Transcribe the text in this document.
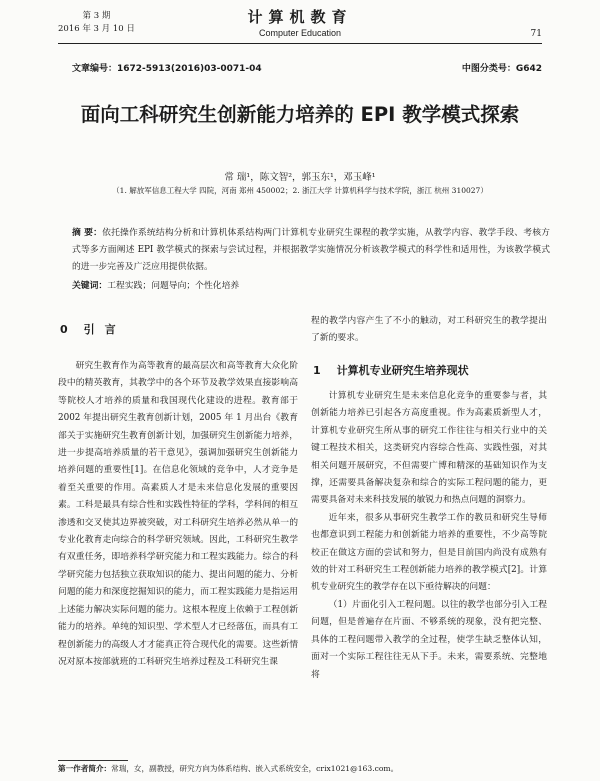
第 3 期
2016 年 3 月 10 日
计算机教育
Computer Education	71
文章编号：1672-5913(2016)03-0071-04	中图分类号：G642
面向工科研究生创新能力培养的 EPI 教学模式探索
常 瑞¹，陈文智²，郭玉东¹，邓玉峰¹
（1. 解放军信息工程大学 四院，河南 郑州 450002；2. 浙江大学 计算机科学与技术学院，浙江 杭州 310027）
摘 要：依托操作系统结构分析和计算机体系结构两门计算机专业研究生课程的教学实施，从教学内容、教学手段、考核方式等多方面阐述 EPI 教学模式的探索与尝试过程，并根据教学实施情况分析该教学模式的科学性和适用性，为该教学模式的进一步完善及广泛应用提供依据。
关键词：工程实践；问题导向；个性化培养
0 引言

研究生教育作为高等教育的最高层次和高等教育大众化阶段中的精英教育，其教学中的各个环节及教学效果直接影响高等院校人才培养的质量和我国现代化建设的进程。教育部于 2002 年提出研究生教育创新计划，2005 年 1 月出台《教育部关于实施研究生教育创新计划，加强研究生创新能力培养，进一步提高培养质量的若干意见》，强调加强研究生创新能力培养问题的重要性[1]。在信息化领域的竞争中，人才竞争是着至关重要的作用。高素质人才是未来信息化发展的重要因素。工科是最具有综合性和实践性特征的学科，学科间的相互渗透和交叉使其边界被突破，对工科研究生培养必然从单一的专业化教育走向综合的科学研究领域。因此，工科研究生教学有双重任务，即培养科学研究能力和工程实践能力。综合的科学研究能力包括独立获取知识的能力、提出问题的能力、分析问题的能力和深度挖掘知识的能力，而工程实践能力是指运用上述能力解决实际问题的能力。这根本程度上依赖于工程创新能力的培养。单纯的知识型、学术型人才已经落伍，而具有工程创新能力的高级人才才能真正符合现代化的需要。这些新情况对原本按部就班的工科研究生培养过程及工科研究生课

程的教学内容产生了不小的触动，对工科研究生的教学提出了新的要求。

1 计算机专业研究生培养现状

计算机专业研究生是未来信息化竞争的重要参与者，其创新能力培养已引起各方高度重视。作为高素质新型人才，计算机专业研究生所从事的研究工作往往与相关行业中的关键工程技术相关，这类研究内容综合性高、实践性强，对其相关问题开展研究，不但需要广博和精深的基础知识作为支撑，还需要具备解决复杂和综合的实际工程问题的能力，更需要具备对未来科技发展的敏锐力和热点问题的洞察力。

近年来，很多从事研究生教学工作的教员和研究生导师也都意识到工程能力和创新能力培养的重要性，不少高等院校正在做这方面的尝试和努力，但是目前国内尚没有成熟有效的针对工科研究生工程创新能力培养的教学模式[2]。计算机专业研究生的教学存在以下亟待解决的问题：

（1）片面化引入工程问题。以往的教学也部分引入工程问题，但是普遍存在片面、不够系统的现象，没有把完整、具体的工程问题带入教学的全过程，使学生缺乏整体认知，面对一个实际工程往往无从下手。未来，需要系统、完整地将

第一作者简介：常瑞，女，副教授，研究方向为体系结构、嵌入式系统安全，crix1021@163.com。
